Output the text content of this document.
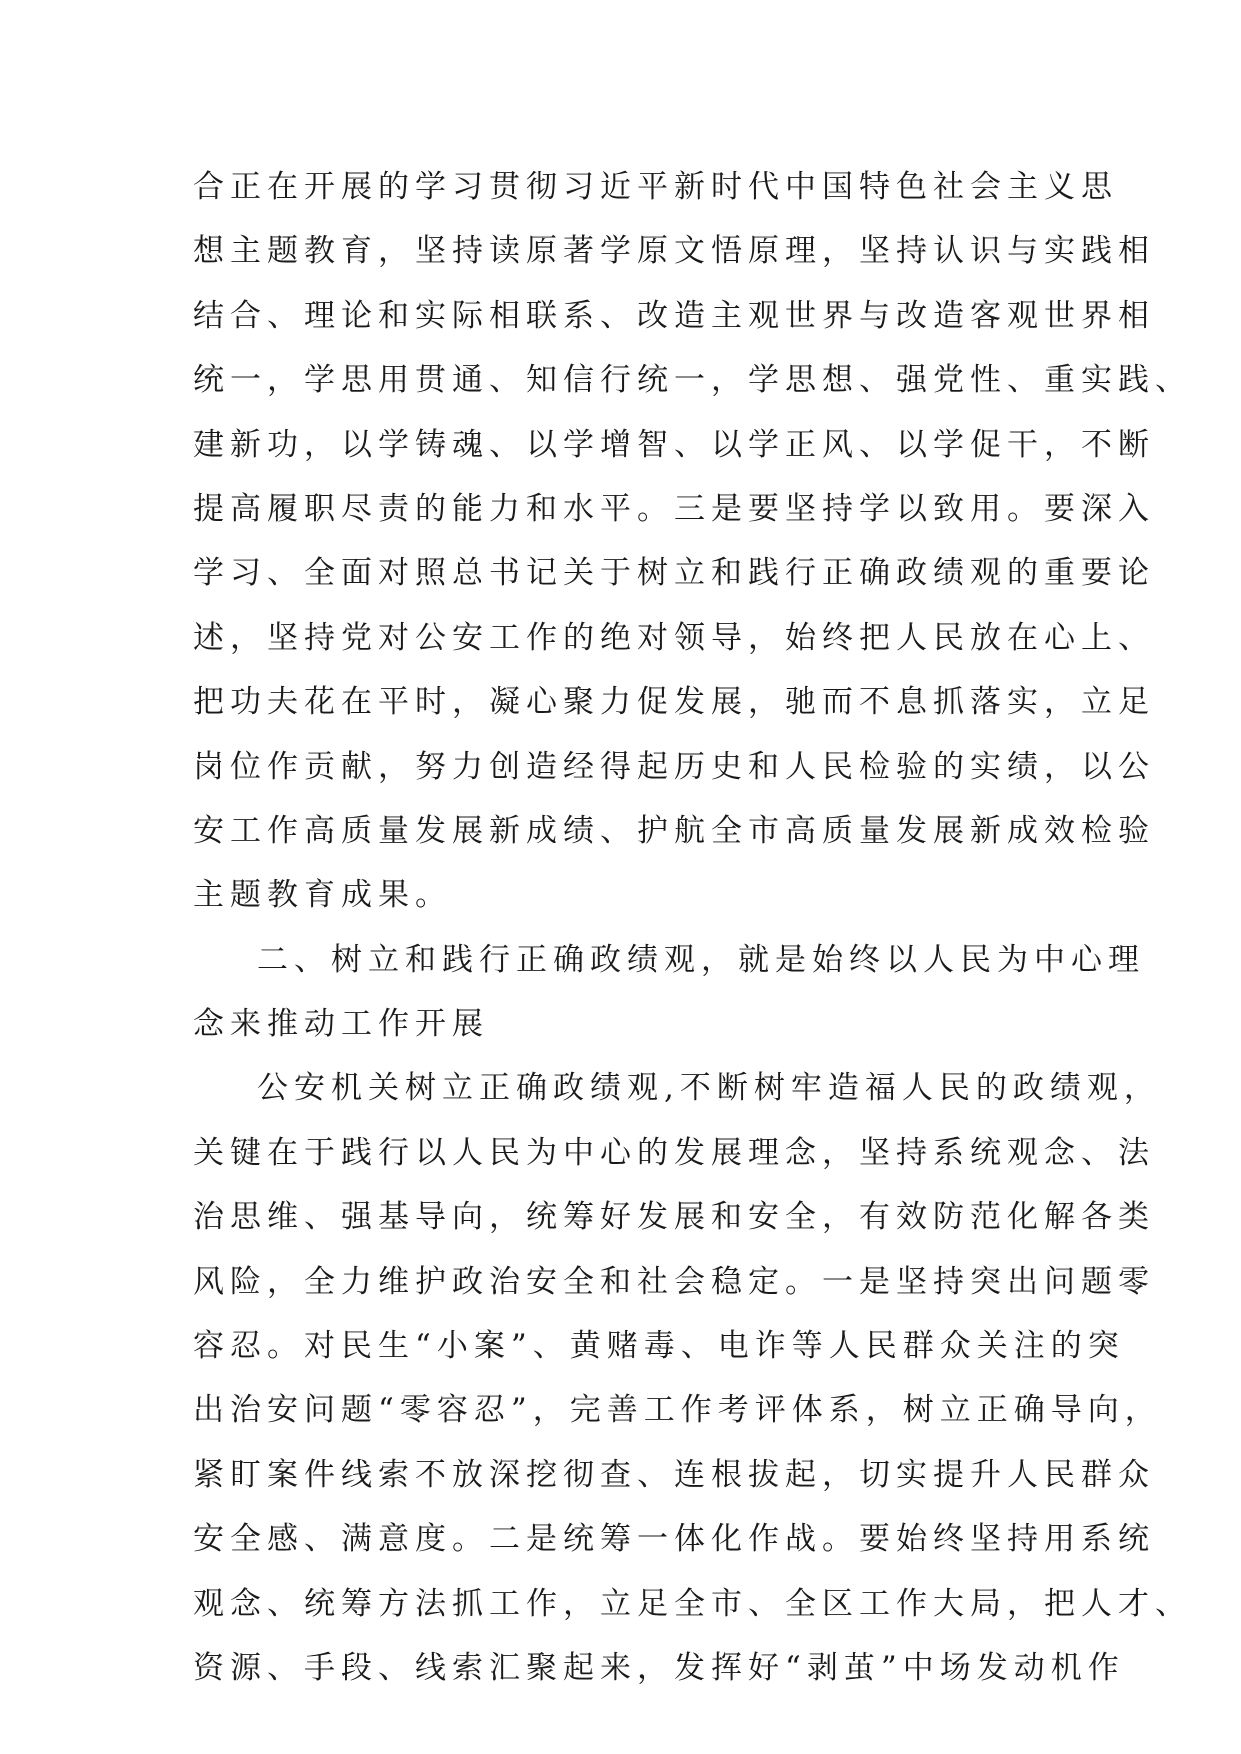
合正在开展的学习贯彻习近平新时代中国特色社会主义思
想主题教育，坚持读原著学原文悟原理，坚持认识与实践相
结合、理论和实际相联系、改造主观世界与改造客观世界相
统一，学思用贯通、知信行统一，学思想、强党性、重实践、
建新功，以学铸魂、以学增智、以学正风、以学促干，不断
提高履职尽责的能力和水平。三是要坚持学以致用。要深入
学习、全面对照总书记关于树立和践行正确政绩观的重要论
述，坚持党对公安工作的绝对领导，始终把人民放在心上、
把功夫花在平时，凝心聚力促发展，驰而不息抓落实，立足
岗位作贡献，努力创造经得起历史和人民检验的实绩，以公
安工作高质量发展新成绩、护航全市高质量发展新成效检验
主题教育成果。
二、树立和践行正确政绩观，就是始终以人民为中心理
念来推动工作开展
公安机关树立正确政绩观,不断树牢造福人民的政绩观，
关键在于践行以人民为中心的发展理念，坚持系统观念、法
治思维、强基导向，统筹好发展和安全，有效防范化解各类
风险，全力维护政治安全和社会稳定。一是坚持突出问题零
容忍。对民生“小案”、黄赌毒、电诈等人民群众关注的突
出治安问题“零容忍”，完善工作考评体系，树立正确导向，
紧盯案件线索不放深挖彻查、连根拔起，切实提升人民群众
安全感、满意度。二是统筹一体化作战。要始终坚持用系统
观念、统筹方法抓工作，立足全市、全区工作大局，把人才、
资源、手段、线索汇聚起来，发挥好“剥茧”中场发动机作
